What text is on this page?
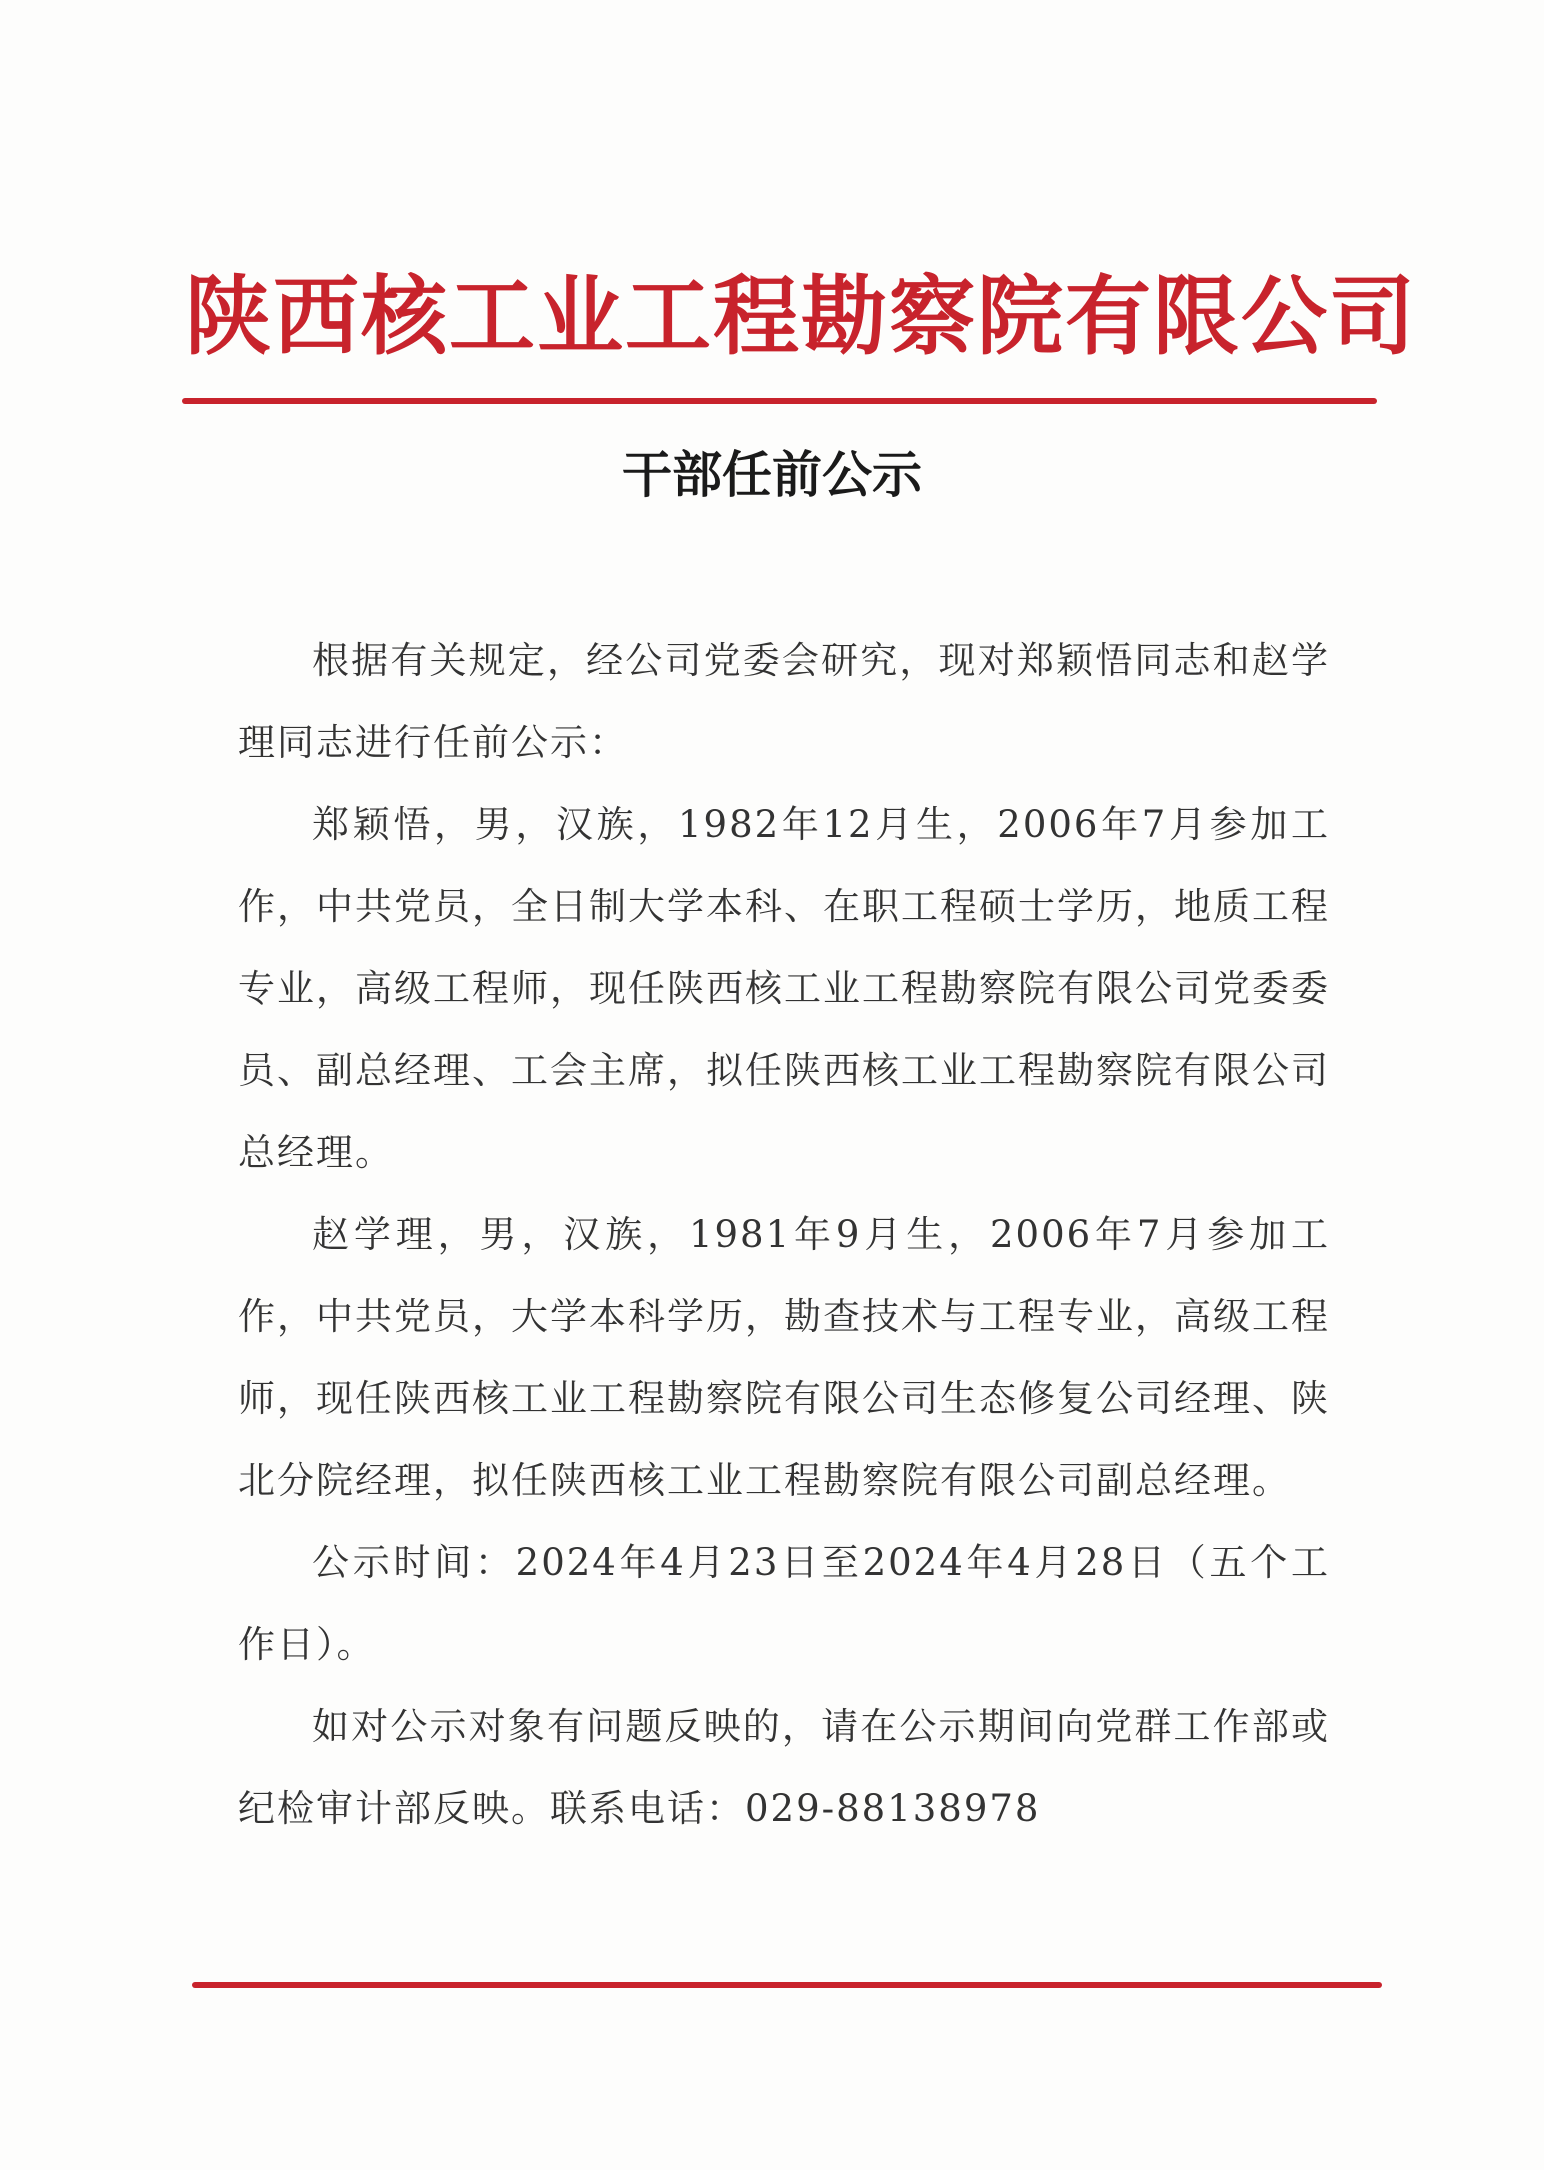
陕西核工业工程勘察院有限公司
干部任前公示

根据有关规定，经公司党委会研究，现对郑颖悟同志和赵学理同志进行任前公示：

郑颖悟，男，汉族，1982年12月生，2006年7月参加工作，中共党员，全日制大学本科、在职工程硕士学历，地质工程专业，高级工程师，现任陕西核工业工程勘察院有限公司党委委员、副总经理、工会主席，拟任陕西核工业工程勘察院有限公司总经理。

赵学理，男，汉族，1981年9月生，2006年7月参加工作，中共党员，大学本科学历，勘查技术与工程专业，高级工程师，现任陕西核工业工程勘察院有限公司生态修复公司经理、陕北分院经理，拟任陕西核工业工程勘察院有限公司副总经理。

公示时间：2024年4月23日至2024年4月28日（五个工作日）。

如对公示对象有问题反映的，请在公示期间向党群工作部或纪检审计部反映。联系电话：029-88138978
